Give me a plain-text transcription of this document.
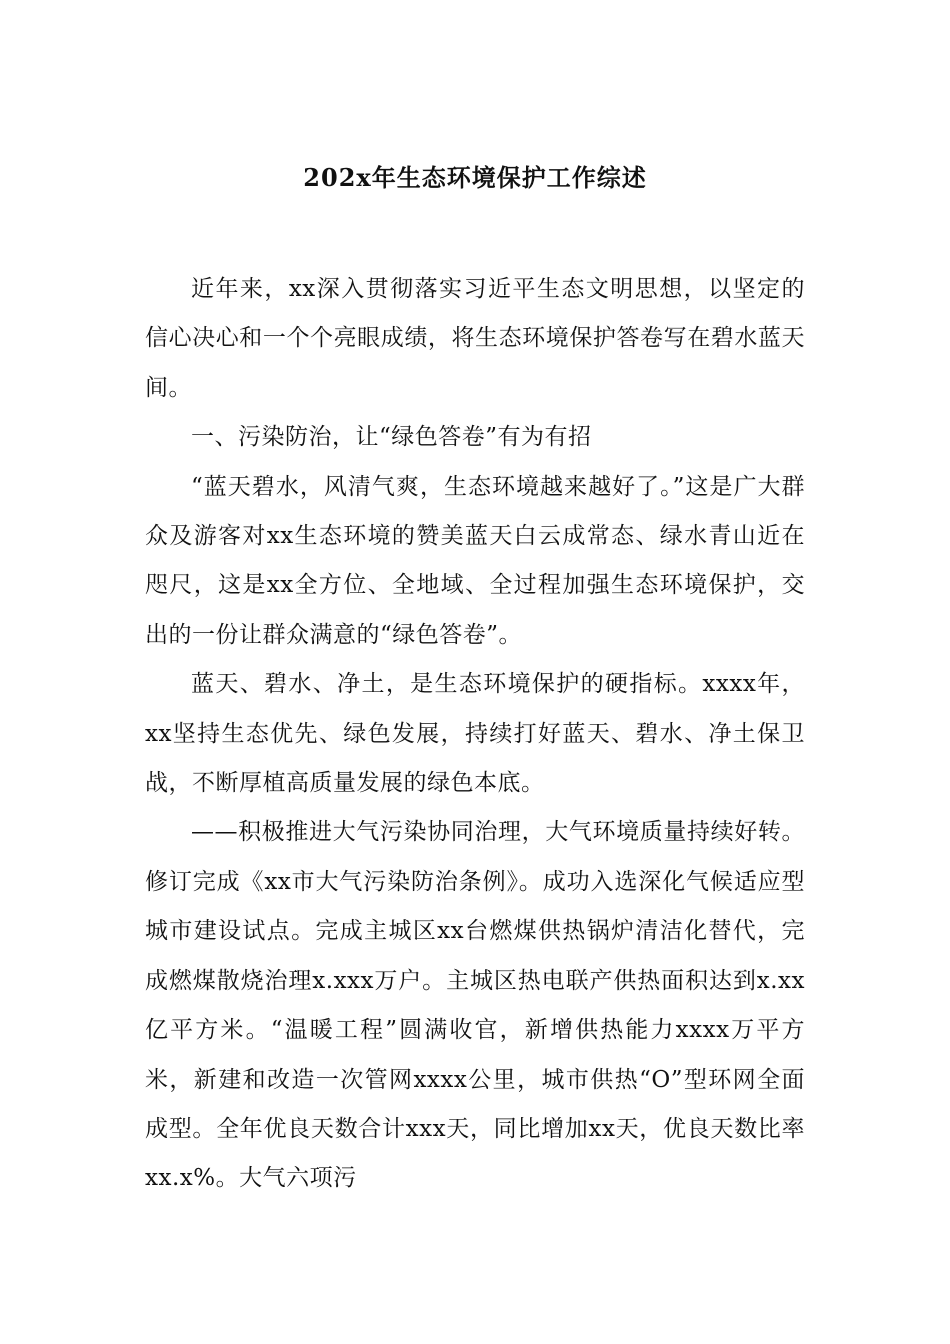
202x年生态环境保护工作综述

近年来，xx深入贯彻落实习近平生态文明思想，以坚定的信心决心和一个个亮眼成绩，将生态环境保护答卷写在碧水蓝天间。

一、污染防治，让“绿色答卷”有为有招

“蓝天碧水，风清气爽，生态环境越来越好了。”这是广大群众及游客对xx生态环境的赞美蓝天白云成常态、绿水青山近在咫尺，这是xx全方位、全地域、全过程加强生态环境保护，交出的一份让群众满意的“绿色答卷”。

蓝天、碧水、净土，是生态环境保护的硬指标。xxxx年，xx坚持生态优先、绿色发展，持续打好蓝天、碧水、净土保卫战，不断厚植高质量发展的绿色本底。

——积极推进大气污染协同治理，大气环境质量持续好转。修订完成《xx市大气污染防治条例》。成功入选深化气候适应型城市建设试点。完成主城区xx台燃煤供热锅炉清洁化替代，完成燃煤散烧治理x.xxx万户。主城区热电联产供热面积达到x.xx亿平方米。“温暖工程”圆满收官，新增供热能力xxxx万平方米，新建和改造一次管网xxxx公里，城市供热“O”型环网全面成型。全年优良天数合计xxx天，同比增加xx天，优良天数比率xx.x%。大气六项污
